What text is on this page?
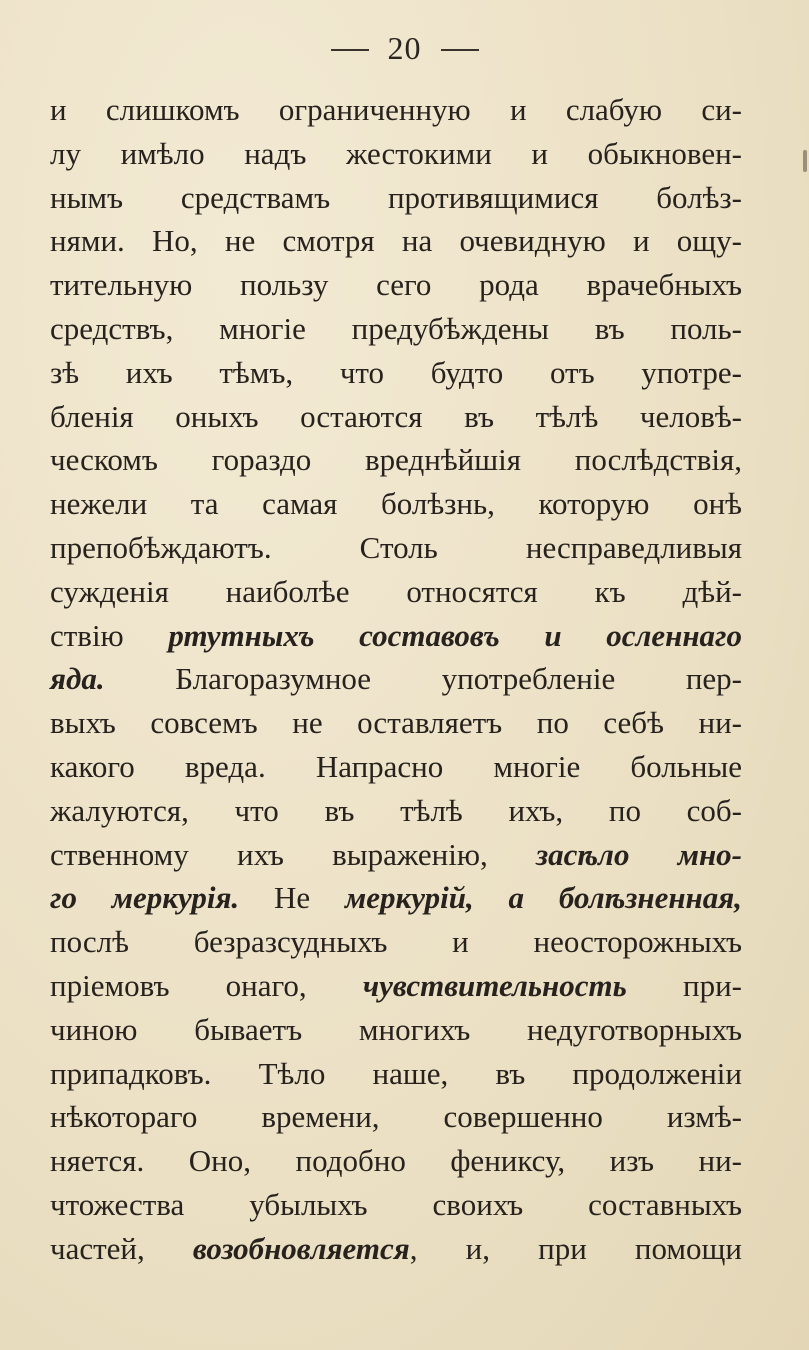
20
и слишкомъ ограниченную и слабую си-
лу имѣло надъ жестокими и обыкновен-
нымъ средствамъ противящимися болѣз-
нями. Но, не смотря на очевидную и ощу-
тительную пользу сего рода врачебныхъ
средствъ, многіе предубѣждены въ поль-
зѣ ихъ тѣмъ, что будто отъ употре-
бленія оныхъ остаются въ тѣлѣ человѣ-
ческомъ гораздо вреднѣйшія послѣдствія,
нежели та самая болѣзнь, которую онѣ
препобѣждаютъ. Столь несправедливыя
сужденія наиболѣе относятся къ дѣй-
ствію ртутныхъ составовъ и осленнаго
яда. Благоразумное употребленіе пер-
выхъ совсемъ не оставляетъ по себѣ ни-
какого вреда. Напрасно многіе больные
жалуются, что въ тѣлѣ ихъ, по соб-
ственному ихъ выраженію, засѣло мно-
го меркурія. Не меркурій, а болѣзненная,
послѣ безразсудныхъ и неосторожныхъ
пріемовъ онаго, чувствительность при-
чиною бываетъ многихъ недуготворныхъ
припадковъ. Тѣло наше, въ продолженіи
нѣкотораго времени, совершенно измѣ-
няется. Оно, подобно фениксу, изъ ни-
чтожества убылыхъ своихъ составныхъ
частей, возобновляется, и, при помощи
